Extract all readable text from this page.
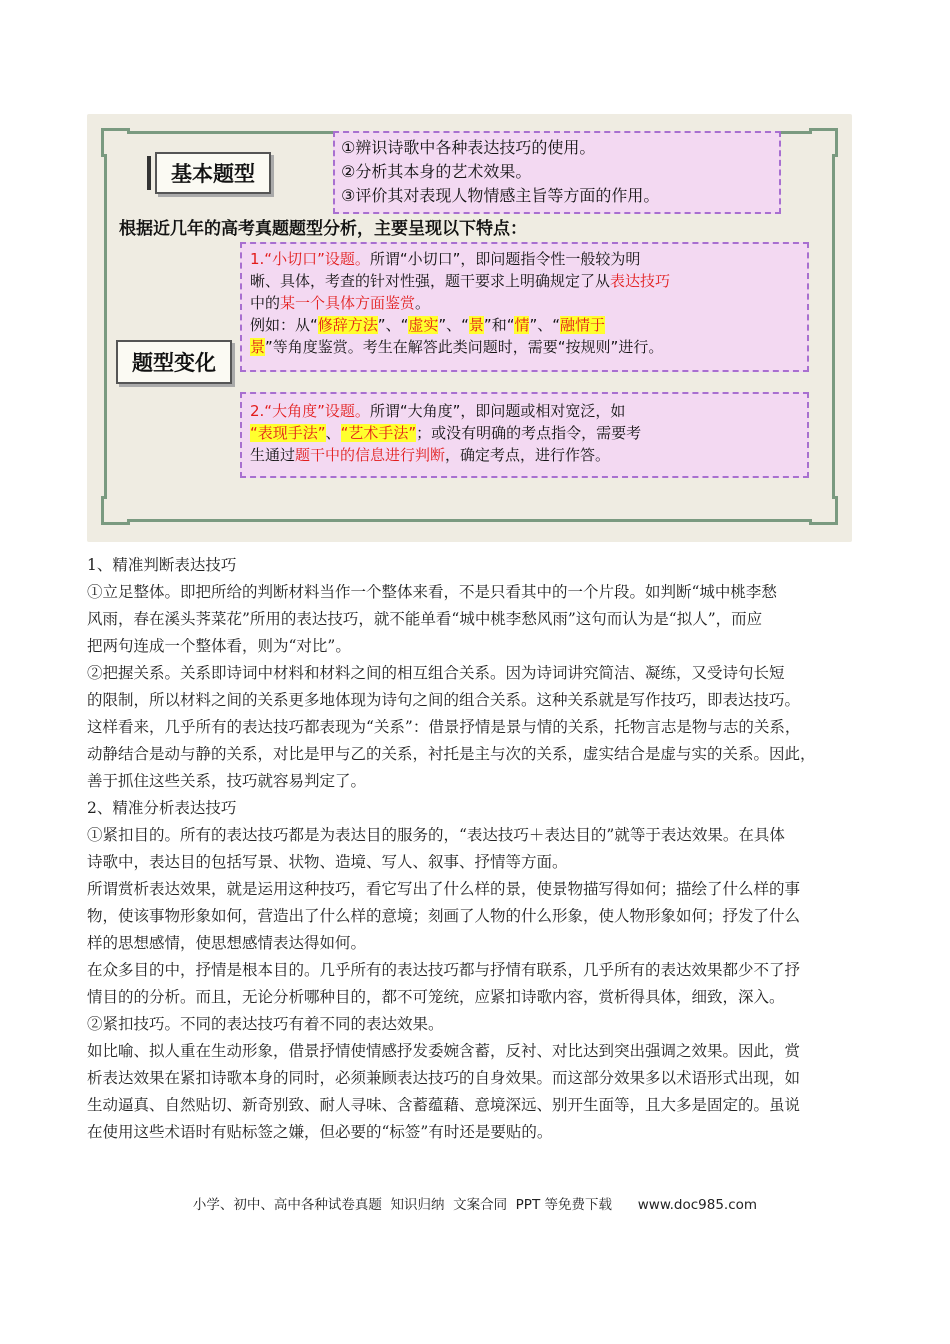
基本题型
①辨识诗歌中各种表达技巧的使用。
②分析其本身的艺术效果。
③评价其对表现人物情感主旨等方面的作用。
根据近几年的高考真题题型分析，主要呈现以下特点：
题型变化
1.“小切口”设题。所谓“小切口”，即问题指令性一般较为明
晰、具体，考查的针对性强，题干要求上明确规定了从表达技巧
中的某一个具体方面鉴赏。
例如：从“修辞方法”、“虚实”、“景”和“情”、“融情于
景”等角度鉴赏。考生在解答此类问题时，需要“按规则”进行。
2.“大角度”设题。所谓“大角度”，即问题或相对宽泛，如
“表现手法”、“艺术手法”；或没有明确的考点指令，需要考
生通过题干中的信息进行判断，确定考点，进行作答。
1、精准判断表达技巧
①立足整体。即把所给的判断材料当作一个整体来看，不是只看其中的一个片段。如判断“城中桃李愁
风雨，春在溪头荠菜花”所用的表达技巧，就不能单看“城中桃李愁风雨”这句而认为是“拟人”，而应
把两句连成一个整体看，则为“对比”。
②把握关系。关系即诗词中材料和材料之间的相互组合关系。因为诗词讲究简洁、凝练，又受诗句长短
的限制，所以材料之间的关系更多地体现为诗句之间的组合关系。这种关系就是写作技巧，即表达技巧。
这样看来，几乎所有的表达技巧都表现为“关系”：借景抒情是景与情的关系，托物言志是物与志的关系，
动静结合是动与静的关系，对比是甲与乙的关系，衬托是主与次的关系，虚实结合是虚与实的关系。因此，
善于抓住这些关系，技巧就容易判定了。
2、精准分析表达技巧
①紧扣目的。所有的表达技巧都是为表达目的服务的，“表达技巧＋表达目的”就等于表达效果。在具体
诗歌中，表达目的包括写景、状物、造境、写人、叙事、抒情等方面。
所谓赏析表达效果，就是运用这种技巧，看它写出了什么样的景，使景物描写得如何；描绘了什么样的事
物，使该事物形象如何，营造出了什么样的意境；刻画了人物的什么形象，使人物形象如何；抒发了什么
样的思想感情，使思想感情表达得如何。
在众多目的中，抒情是根本目的。几乎所有的表达技巧都与抒情有联系，几乎所有的表达效果都少不了抒
情目的的分析。而且，无论分析哪种目的，都不可笼统，应紧扣诗歌内容，赏析得具体，细致，深入。
②紧扣技巧。不同的表达技巧有着不同的表达效果。
如比喻、拟人重在生动形象，借景抒情使情感抒发委婉含蓄，反衬、对比达到突出强调之效果。因此，赏
析表达效果在紧扣诗歌本身的同时，必须兼顾表达技巧的自身效果。而这部分效果多以术语形式出现，如
生动逼真、自然贴切、新奇别致、耐人寻味、含蓄蕴藉、意境深远、别开生面等，且大多是固定的。虽说
在使用这些术语时有贴标签之嫌，但必要的“标签”有时还是要贴的。
小学、初中、高中各种试卷真题  知识归纳  文案合同  PPT 等免费下载      www.doc985.com
